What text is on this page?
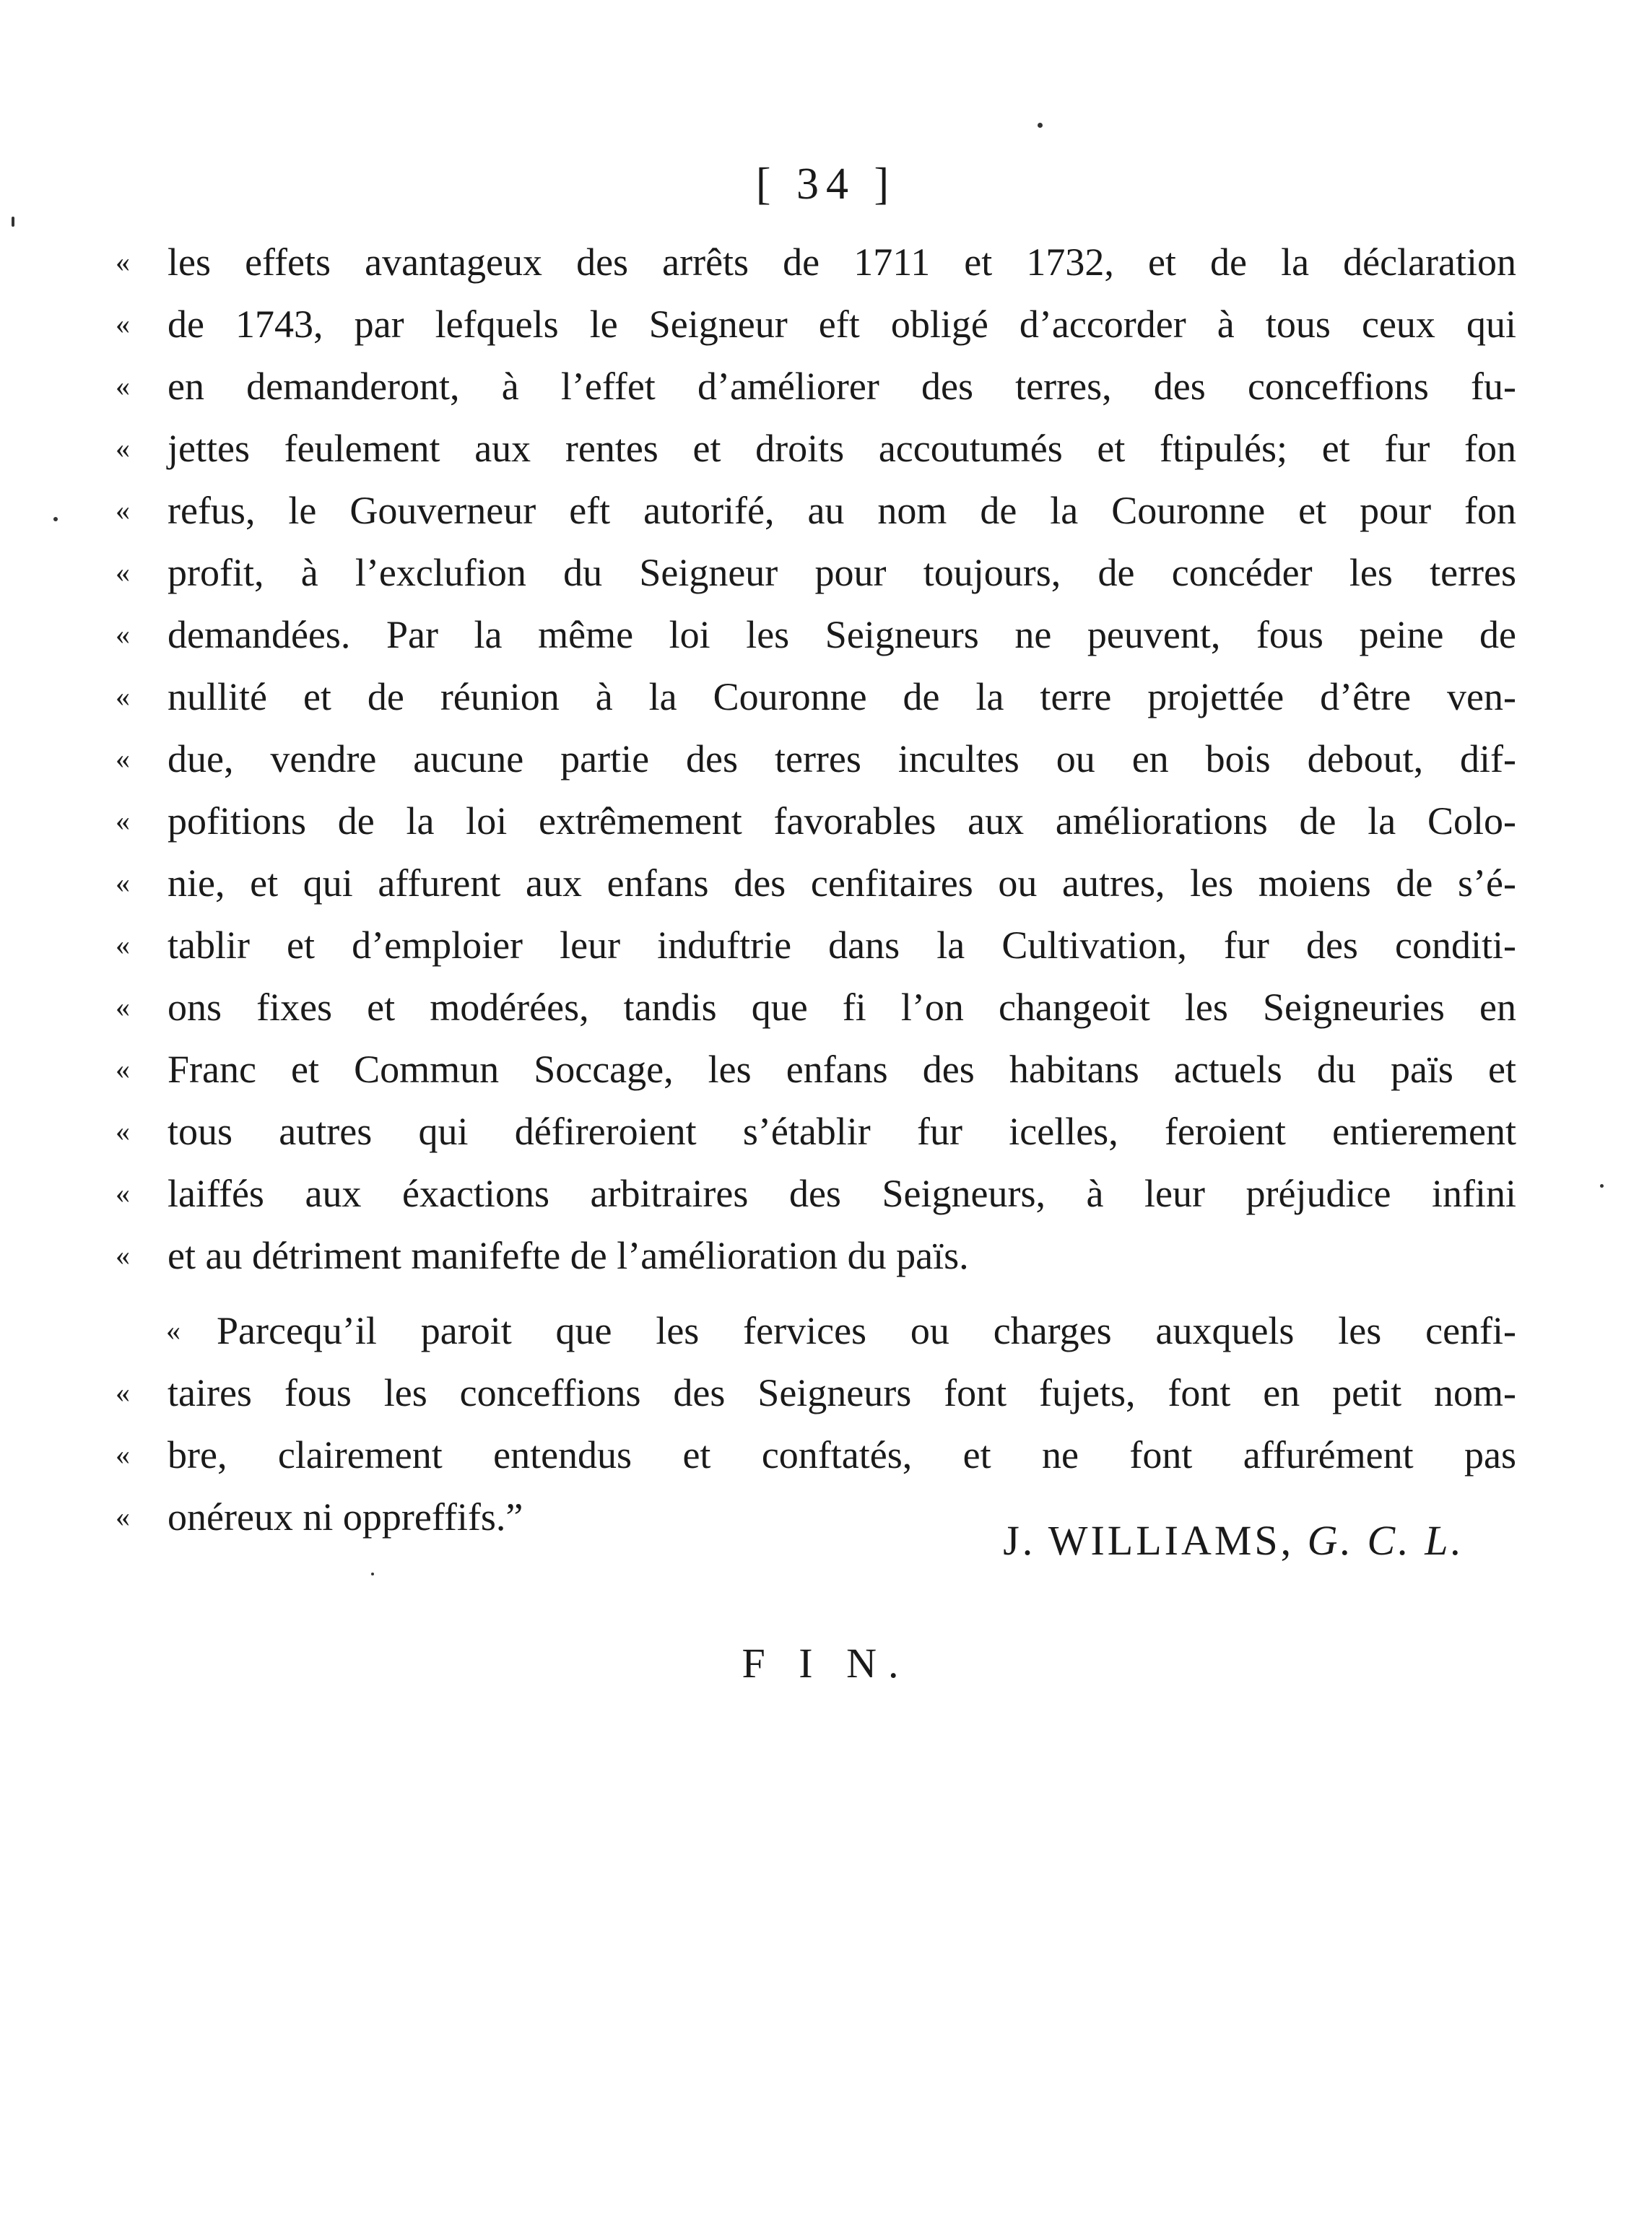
[ 34 ]
« les effets avantageux des arrêts de 1711 et 1732, et de la déclaration
« de 1743, par lefquels le Seigneur eft obligé d’accorder à tous ceux qui
« en demanderont, à l’effet d’améliorer des terres, des conceffions fu-
« jettes feulement aux rentes et droits accoutumés et ftipulés; et fur fon
« refus, le Gouverneur eft autorifé, au nom de la Couronne et pour fon
« profit, à l’exclufion du Seigneur pour toujours, de concéder les terres
« demandées. Par la même loi les Seigneurs ne peuvent, fous peine de
« nullité et de réunion à la Couronne de la terre projettée d’être ven-
« due, vendre aucune partie des terres incultes ou en bois debout, dif-
« pofitions de la loi extrêmement favorables aux améliorations de la Colo-
« nie, et qui affurent aux enfans des cenfitaires ou autres, les moiens de s’é-
« tablir et d’emploier leur induftrie dans la Cultivation, fur des conditi-
« ons fixes et modérées, tandis que fi l’on changeoit les Seigneuries en
« Franc et Commun Soccage, les enfans des habitans actuels du païs et
« tous autres qui défireroient s’établir fur icelles, feroient entierement
« laiffés aux éxactions arbitraires des Seigneurs, à leur préjudice infini
« et au détriment manifefte de l’amélioration du païs.
« Parcequ’il paroit que les fervices ou charges auxquels les cenfi-
« taires fous les conceffions des Seigneurs font fujets, font en petit nom-
« bre, clairement entendus et conftatés, et ne font affurément pas
« onéreux ni oppreffifs.”	J. WILLIAMS, G. C. L.
F I N.
